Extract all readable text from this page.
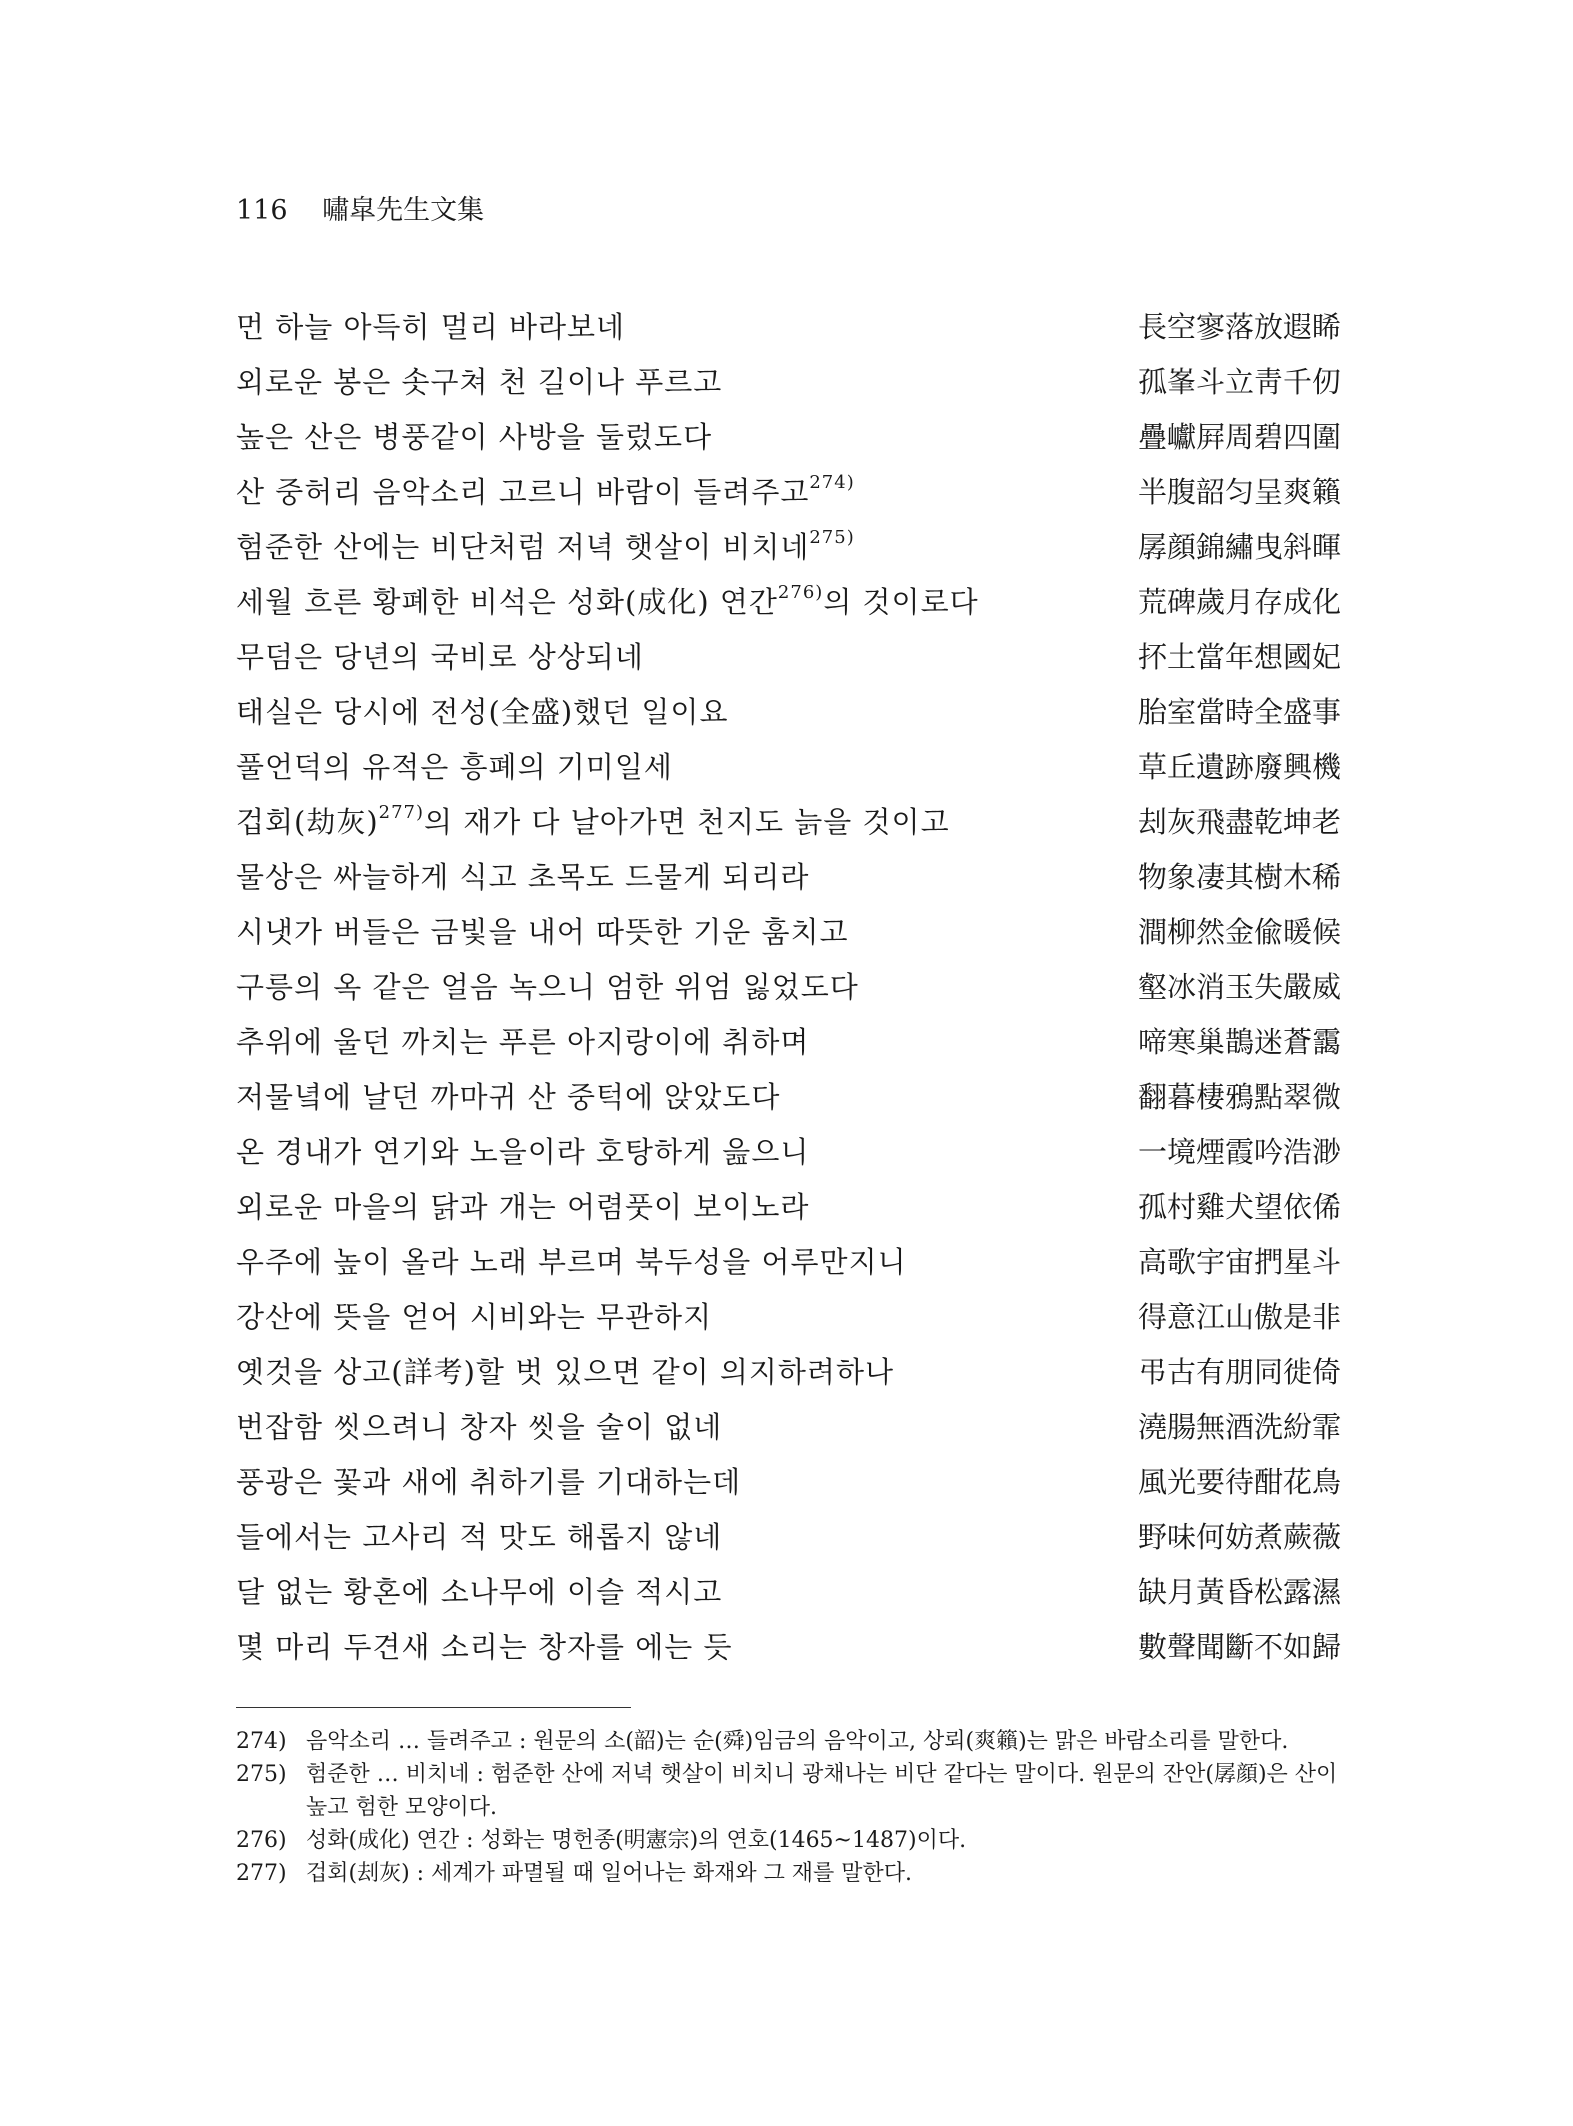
116 嘯皐先生文集
먼 하늘 아득히 멀리 바라보네	長空寥落放遐睎
외로운 봉은 솟구쳐 천 길이나 푸르고	孤峯斗立靑千仞
높은 산은 병풍같이 사방을 둘렀도다	疊巘屛周碧四圍
산 중허리 음악소리 고르니 바람이 들려주고$^{274)}$	半腹韶匀呈爽籟
험준한 산에는 비단처럼 저녁 햇살이 비치네$^{275)}$	孱顔錦繡曳斜暉
세월 흐른 황폐한 비석은 성화(成化) 연간$^{276)}$의 것이로다	荒碑歲月存成化
무덤은 당년의 국비로 상상되네	抔土當年想國妃
태실은 당시에 전성(全盛)했던 일이요	胎室當時全盛事
풀언덕의 유적은 흥폐의 기미일세	草丘遺跡廢興機
겁회(劫灰)$^{277)}$의 재가 다 날아가면 천지도 늙을 것이고	刦灰飛盡乾坤老
물상은 싸늘하게 식고 초목도 드물게 되리라	物象凄其樹木稀
시냇가 버들은 금빛을 내어 따뜻한 기운 훔치고	澗柳然金偸暖候
구릉의 옥 같은 얼음 녹으니 엄한 위엄 잃었도다	壑冰消玉失嚴威
추위에 울던 까치는 푸른 아지랑이에 취하며	啼寒巢鵲迷蒼靄
저물녘에 날던 까마귀 산 중턱에 앉았도다	翻暮棲鴉點翠微
온 경내가 연기와 노을이라 호탕하게 읊으니	一境煙霞吟浩渺
외로운 마을의 닭과 개는 어렴풋이 보이노라	孤村雞犬望依俙
우주에 높이 올라 노래 부르며 북두성을 어루만지니	高歌宇宙捫星斗
강산에 뜻을 얻어 시비와는 무관하지	得意江山傲是非
옛것을 상고(詳考)할 벗 있으면 같이 의지하려하나	弔古有朋同徙倚
번잡함 씻으려니 창자 씻을 술이 없네	澆腸無酒洗紛霏
풍광은 꽃과 새에 취하기를 기대하는데	風光要待酣花鳥
들에서는 고사리 적 맛도 해롭지 않네	野味何妨煮蕨薇
달 없는 황혼에 소나무에 이슬 적시고	缺月黃昏松露濕
몇 마리 두견새 소리는 창자를 에는 듯	數聲聞斷不如歸
274) 음악소리 … 들려주고 : 원문의 소(韶)는 순(舜)임금의 음악이고, 상뢰(爽籟)는 맑은 바람소리를 말한다.
275) 험준한 … 비치네 : 험준한 산에 저녁 햇살이 비치니 광채나는 비단 같다는 말이다. 원문의 잔안(孱顔)은 산이 높고 험한 모양이다.
276) 성화(成化) 연간 : 성화는 명헌종(明憲宗)의 연호(1465~1487)이다.
277) 겁회(刦灰) : 세계가 파멸될 때 일어나는 화재와 그 재를 말한다.
